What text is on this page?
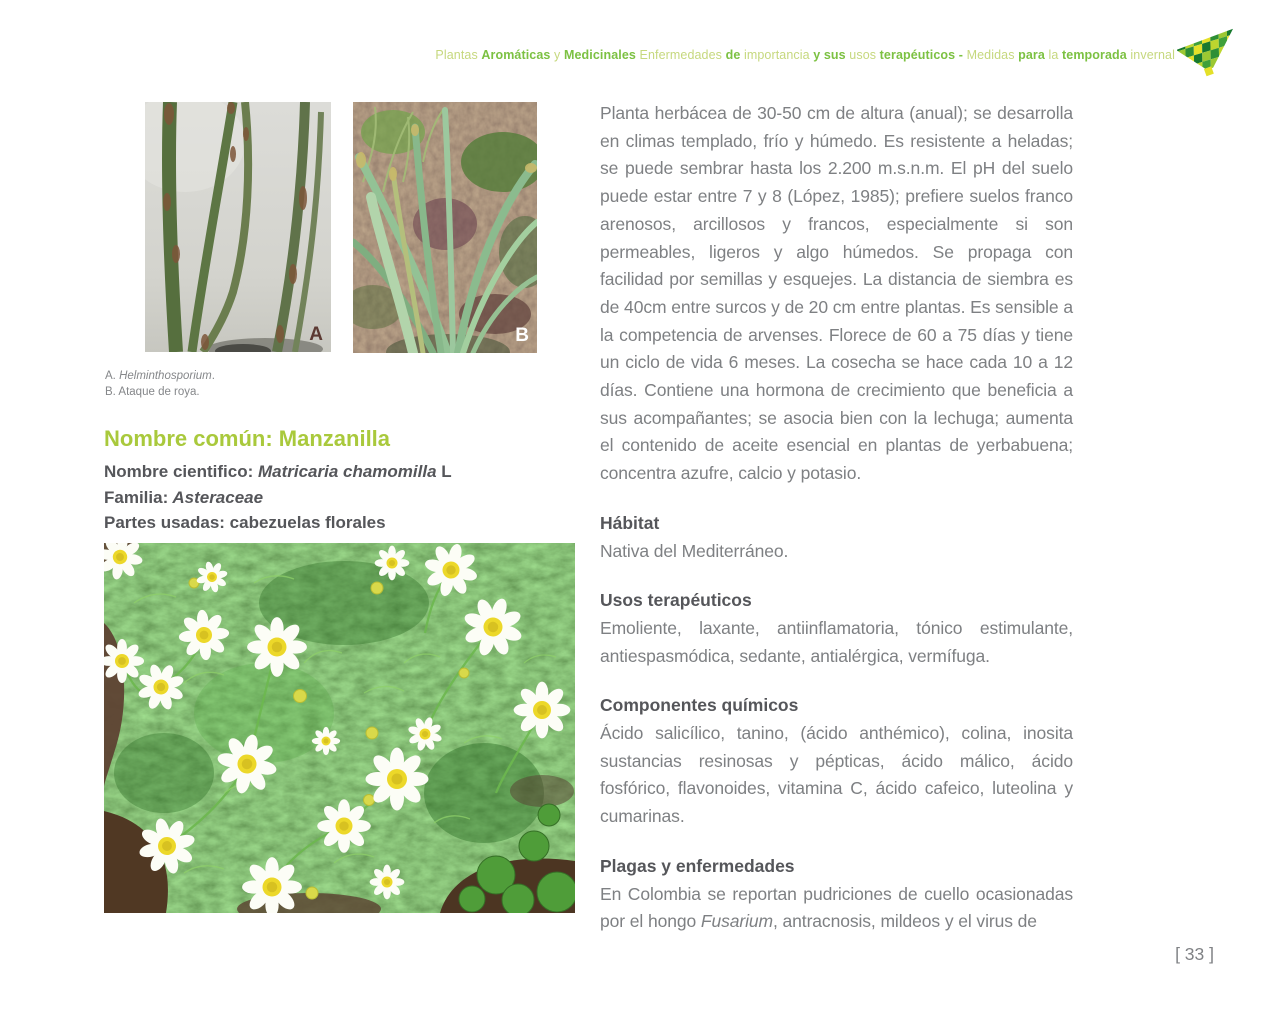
Plantas Aromáticas y Medicinales Enfermedades de importancia y sus usos terapéuticos - Medidas para la temporada invernal
A	B
A. Helminthosporium.
B. Ataque de roya.
Nombre común: Manzanilla
Nombre cientifico: Matricaria chamomilla L
Familia: Asteraceae
Partes usadas: cabezuelas florales

Planta herbácea de 30-50 cm de altura (anual); se desarrolla en climas templado, frío y húmedo. Es resistente a heladas; se puede sembrar hasta los 2.200 m.s.n.m. El pH del suelo puede estar entre 7 y 8 (López, 1985); prefiere suelos franco arenosos, arcillosos y francos, especialmente si son permeables, ligeros y algo húmedos. Se propaga con facilidad por semillas y esquejes. La distancia de siembra es de 40cm entre surcos y de 20 cm entre plantas. Es sensible a la competencia de arvenses. Florece de 60 a 75 días y tiene un ciclo de vida 6 meses. La cosecha se hace cada 10 a 12 días. Contiene una hormona de crecimiento que beneficia a sus acompañantes; se asocia bien con la lechuga; aumenta el contenido de aceite esencial en plantas de yerbabuena; concentra azufre, calcio y potasio.

Hábitat

Nativa del Mediterráneo.

Usos terapéuticos

Emoliente, laxante, antiinflamatoria, tónico estimulante, antiespasmódica, sedante, antialérgica, vermífuga.

Componentes químicos

Ácido salicílico, tanino, (ácido anthémico), colina, inosita sustancias resinosas y pépticas, ácido málico, ácido fosfórico, flavonoides, vitamina C, ácido cafeico, luteolina y cumarinas.

Plagas y enfermedades

En Colombia se reportan pudriciones de cuello ocasionadas por el hongo Fusarium, antracnosis, mildeos y el virus de

[ 33 ]
